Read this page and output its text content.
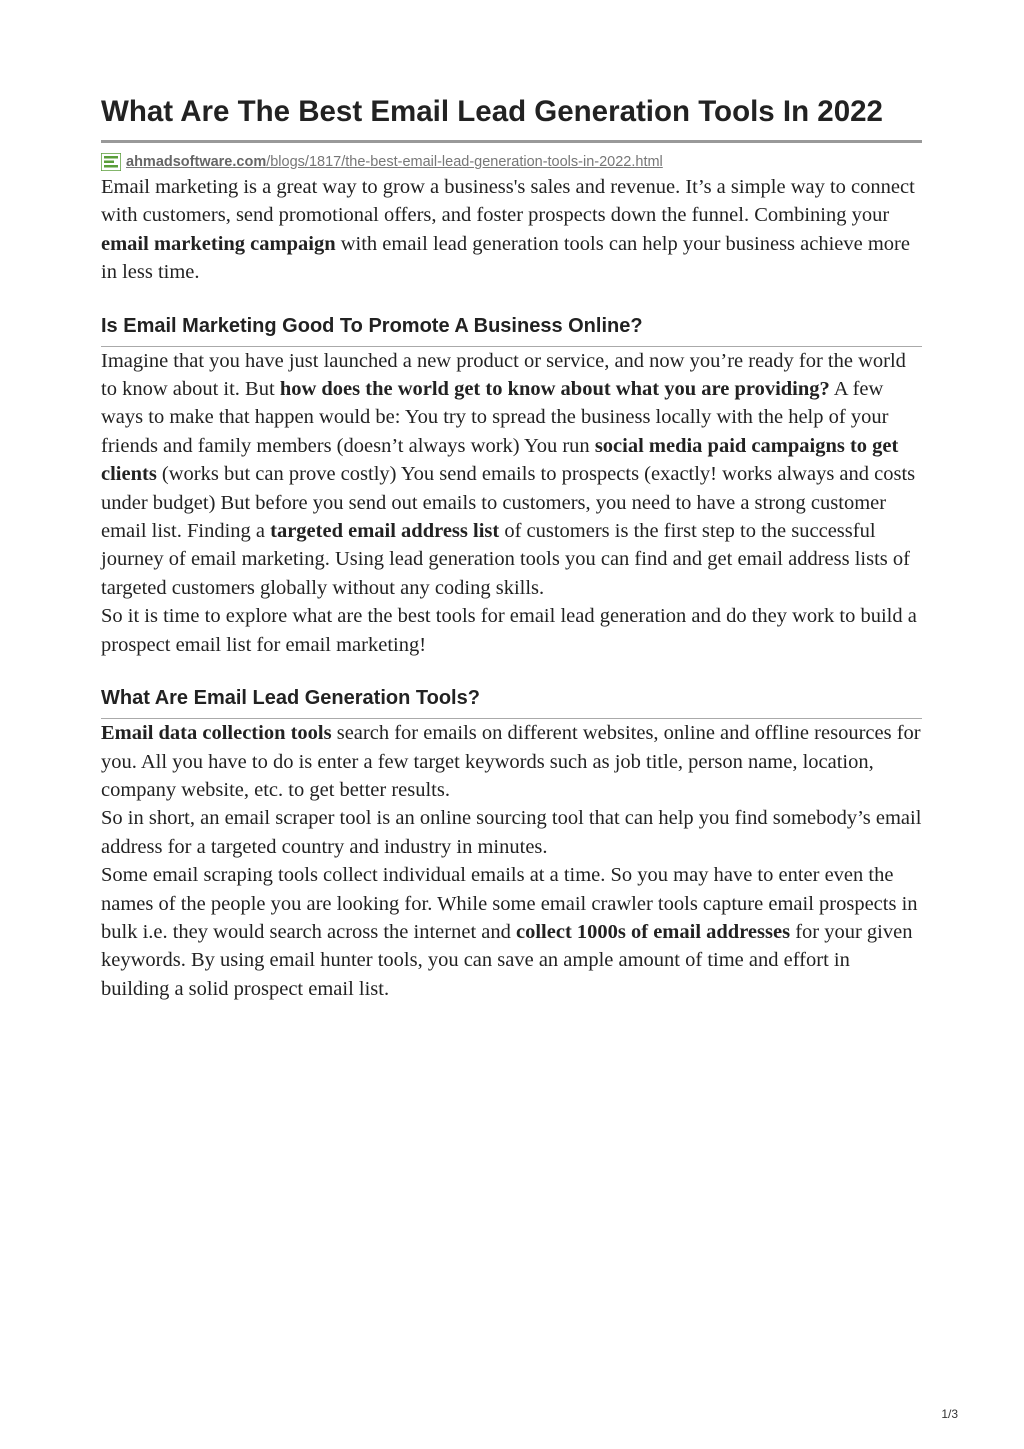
What Are The Best Email Lead Generation Tools In 2022
ahmadsoftware.com/blogs/1817/the-best-email-lead-generation-tools-in-2022.html

Email marketing is a great way to grow a business's sales and revenue. It’s a simple way to connect with customers, send promotional offers, and foster prospects down the funnel. Combining your email marketing campaign with email lead generation tools can help your business achieve more in less time.

Is Email Marketing Good To Promote A Business Online?

Imagine that you have just launched a new product or service, and now you’re ready for the world to know about it. But how does the world get to know about what you are providing? A few ways to make that happen would be: You try to spread the business locally with the help of your friends and family members (doesn’t always work) You run social media paid campaigns to get clients (works but can prove costly) You send emails to prospects (exactly! works always and costs under budget) But before you send out emails to customers, you need to have a strong customer email list. Finding a targeted email address list of customers is the first step to the successful journey of email marketing. Using lead generation tools you can find and get email address lists of targeted customers globally without any coding skills.

So it is time to explore what are the best tools for email lead generation and do they work to build a prospect email list for email marketing!

What Are Email Lead Generation Tools?

Email data collection tools search for emails on different websites, online and offline resources for you. All you have to do is enter a few target keywords such as job title, person name, location, company website, etc. to get better results.

So in short, an email scraper tool is an online sourcing tool that can help you find somebody’s email address for a targeted country and industry in minutes.

Some email scraping tools collect individual emails at a time. So you may have to enter even the names of the people you are looking for. While some email crawler tools capture email prospects in bulk i.e. they would search across the internet and collect 1000s of email addresses for your given keywords. By using email hunter tools, you can save an ample amount of time and effort in building a solid prospect email list.

1/3
